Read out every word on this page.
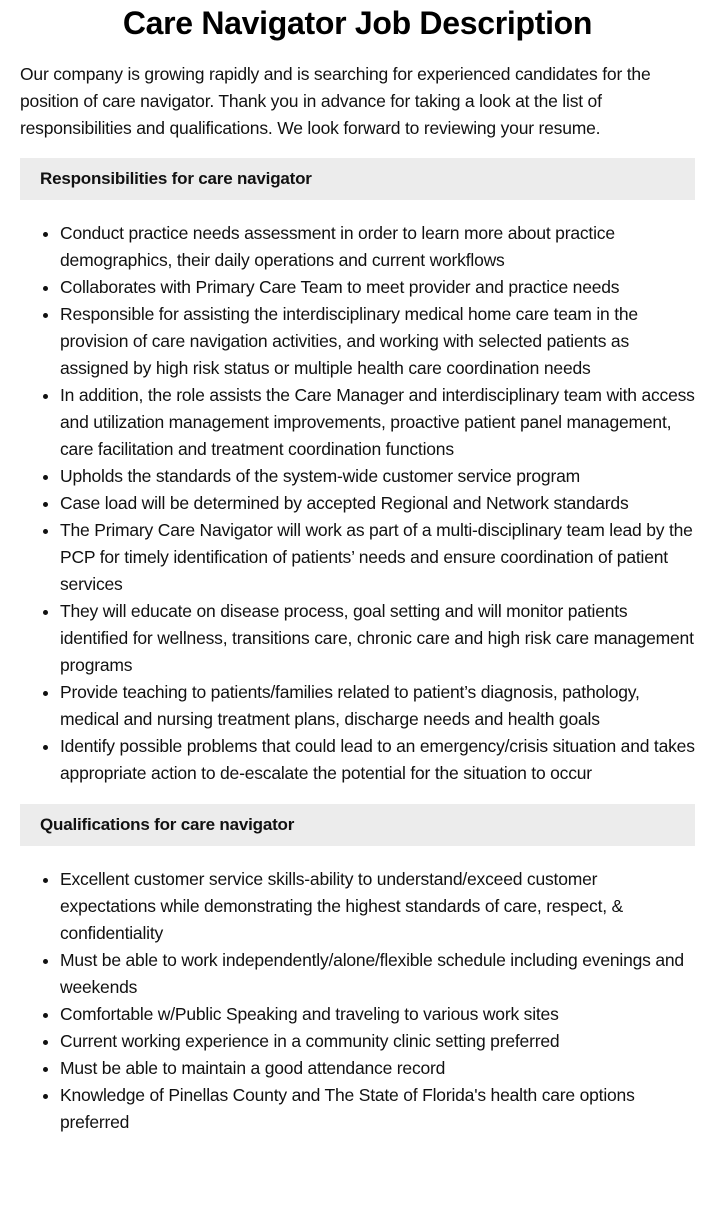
Care Navigator Job Description

Our company is growing rapidly and is searching for experienced candidates for the position of care navigator. Thank you in advance for taking a look at the list of responsibilities and qualifications. We look forward to reviewing your resume.

Responsibilities for care navigator
• Conduct practice needs assessment in order to learn more about practice demographics, their daily operations and current workflows
• Collaborates with Primary Care Team to meet provider and practice needs
• Responsible for assisting the interdisciplinary medical home care team in the provision of care navigation activities, and working with selected patients as assigned by high risk status or multiple health care coordination needs
• In addition, the role assists the Care Manager and interdisciplinary team with access and utilization management improvements, proactive patient panel management, care facilitation and treatment coordination functions
• Upholds the standards of the system-wide customer service program
• Case load will be determined by accepted Regional and Network standards
• The Primary Care Navigator will work as part of a multi-disciplinary team lead by the PCP for timely identification of patients’ needs and ensure coordination of patient services
• They will educate on disease process, goal setting and will monitor patients identified for wellness, transitions care, chronic care and high risk care management programs
• Provide teaching to patients/families related to patient’s diagnosis, pathology, medical and nursing treatment plans, discharge needs and health goals
• Identify possible problems that could lead to an emergency/crisis situation and takes appropriate action to de-escalate the potential for the situation to occur
Qualifications for care navigator
• Excellent customer service skills-ability to understand/exceed customer expectations while demonstrating the highest standards of care, respect, & confidentiality
• Must be able to work independently/alone/flexible schedule including evenings and weekends
• Comfortable w/Public Speaking and traveling to various work sites
• Current working experience in a community clinic setting preferred
• Must be able to maintain a good attendance record
• Knowledge of Pinellas County and The State of Florida's health care options preferred
